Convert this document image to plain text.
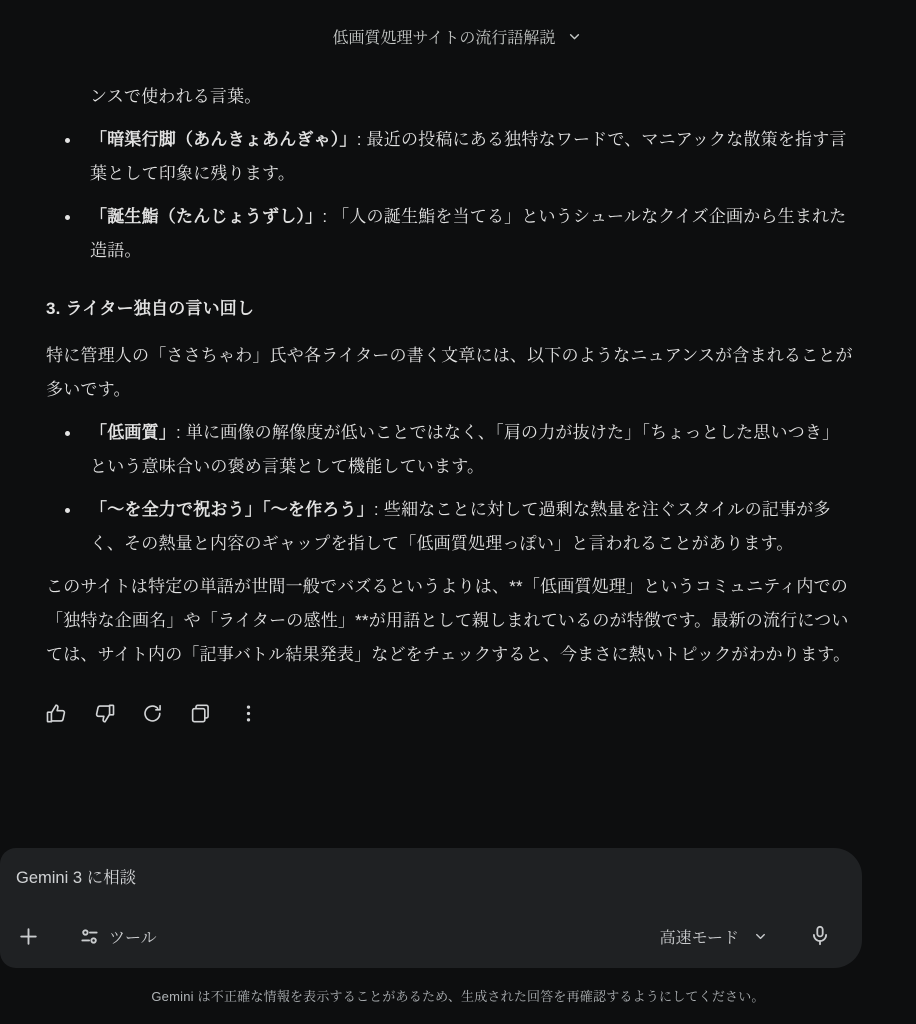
低画質処理サイトの流行語解説

ンスで使われる言葉。

「暗渠行脚（あんきょあんぎゃ）」: 最近の投稿にある独特なワードで、マニアックな散策を指す言葉として印象に残ります。
「誕生鮨（たんじょうずし）」: 「人の誕生鮨を当てる」というシュールなクイズ企画から生まれた造語。
3. ライター独自の言い回し

特に管理人の「ささちゃわ」氏や各ライターの書く文章には、以下のようなニュアンスが含まれることが多いです。

「低画質」: 単に画像の解像度が低いことではなく、「肩の力が抜けた」「ちょっとした思いつき」という意味合いの褒め言葉として機能しています。
「〜を全力で祝おう」「〜を作ろう」: 些細なことに対して過剰な熱量を注ぐスタイルの記事が多く、その熱量と内容のギャップを指して「低画質処理っぽい」と言われることがあります。

このサイトは特定の単語が世間一般でバズるというよりは、**「低画質処理」というコミュニティ内での「独特な企画名」や「ライターの感性」**が用語として親しまれているのが特徴です。最新の流行については、サイト内の「記事バトル結果発表」などをチェックすると、今まさに熱いトピックがわかります。

Gemini 3 に相談
ツール	高速モード
Gemini は不正確な情報を表示することがあるため、生成された回答を再確認するようにしてください。
